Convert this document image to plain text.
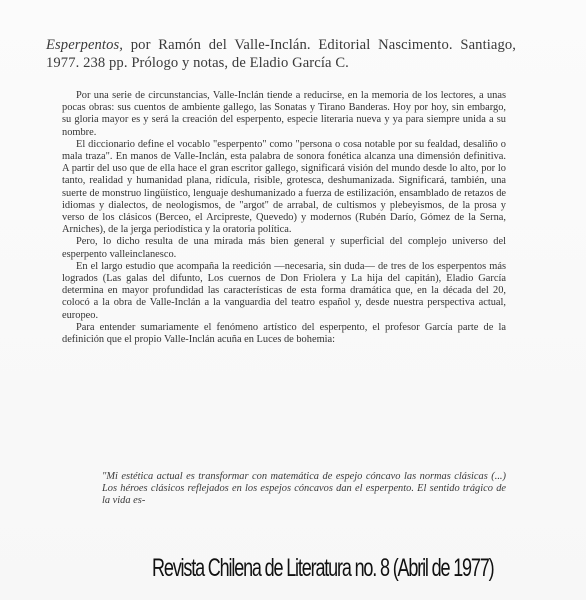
Esperpentos, por Ramón del Valle-Inclán. Editorial Nascimento. Santiago, 1977. 238 pp. Prólogo y notas, de Eladio García C.

Por una serie de circunstancias, Valle-Inclán tiende a reducirse, en la memoria de los lectores, a unas pocas obras: sus cuentos de ambiente gallego, las Sonatas y Tirano Banderas. Hoy por hoy, sin embargo, su gloria mayor es y será la creación del esperpento, especie literaria nueva y ya para siempre unida a su nombre.

El diccionario define el vocablo "esperpento" como "persona o cosa notable por su fealdad, desaliño o mala traza". En manos de Valle-Inclán, esta palabra de sonora fonética alcanza una dimensión definitiva. A partir del uso que de ella hace el gran escritor gallego, significará visión del mundo desde lo alto, por lo tanto, realidad y humanidad plana, ridícula, risible, grotesca, deshumanizada. Significará, también, una suerte de monstruo lingüístico, lenguaje deshumanizado a fuerza de estilización, ensamblado de retazos de idiomas y dialectos, de neologismos, de "argot" de arrabal, de cultismos y plebeyismos, de la prosa y verso de los clásicos (Berceo, el Arcipreste, Quevedo) y modernos (Rubén Darío, Gómez de la Serna, Arniches), de la jerga periodística y la oratoria política.

Pero, lo dicho resulta de una mirada más bien general y superficial del complejo universo del esperpento valleinclanesco.

En el largo estudio que acompaña la reedición —necesaria, sin duda— de tres de los esperpentos más logrados (Las galas del difunto, Los cuernos de Don Friolera y La hija del capitán), Eladio García determina en mayor profundidad las características de esta forma dramática que, en la década del 20, colocó a la obra de Valle-Inclán a la vanguardia del teatro español y, desde nuestra perspectiva actual, europeo.

Para entender sumariamente el fenómeno artístico del esperpento, el profesor García parte de la definición que el propio Valle-Inclán acuña en Luces de bohemia:

"Mi estética actual es transformar con matemática de espejo cóncavo las normas clásicas (...) Los héroes clásicos reflejados en los espejos cóncavos dan el esperpento. El sentido trágico de la vida es-

Revista Chilena de Literatura no. 8 (Abril de 1977)
